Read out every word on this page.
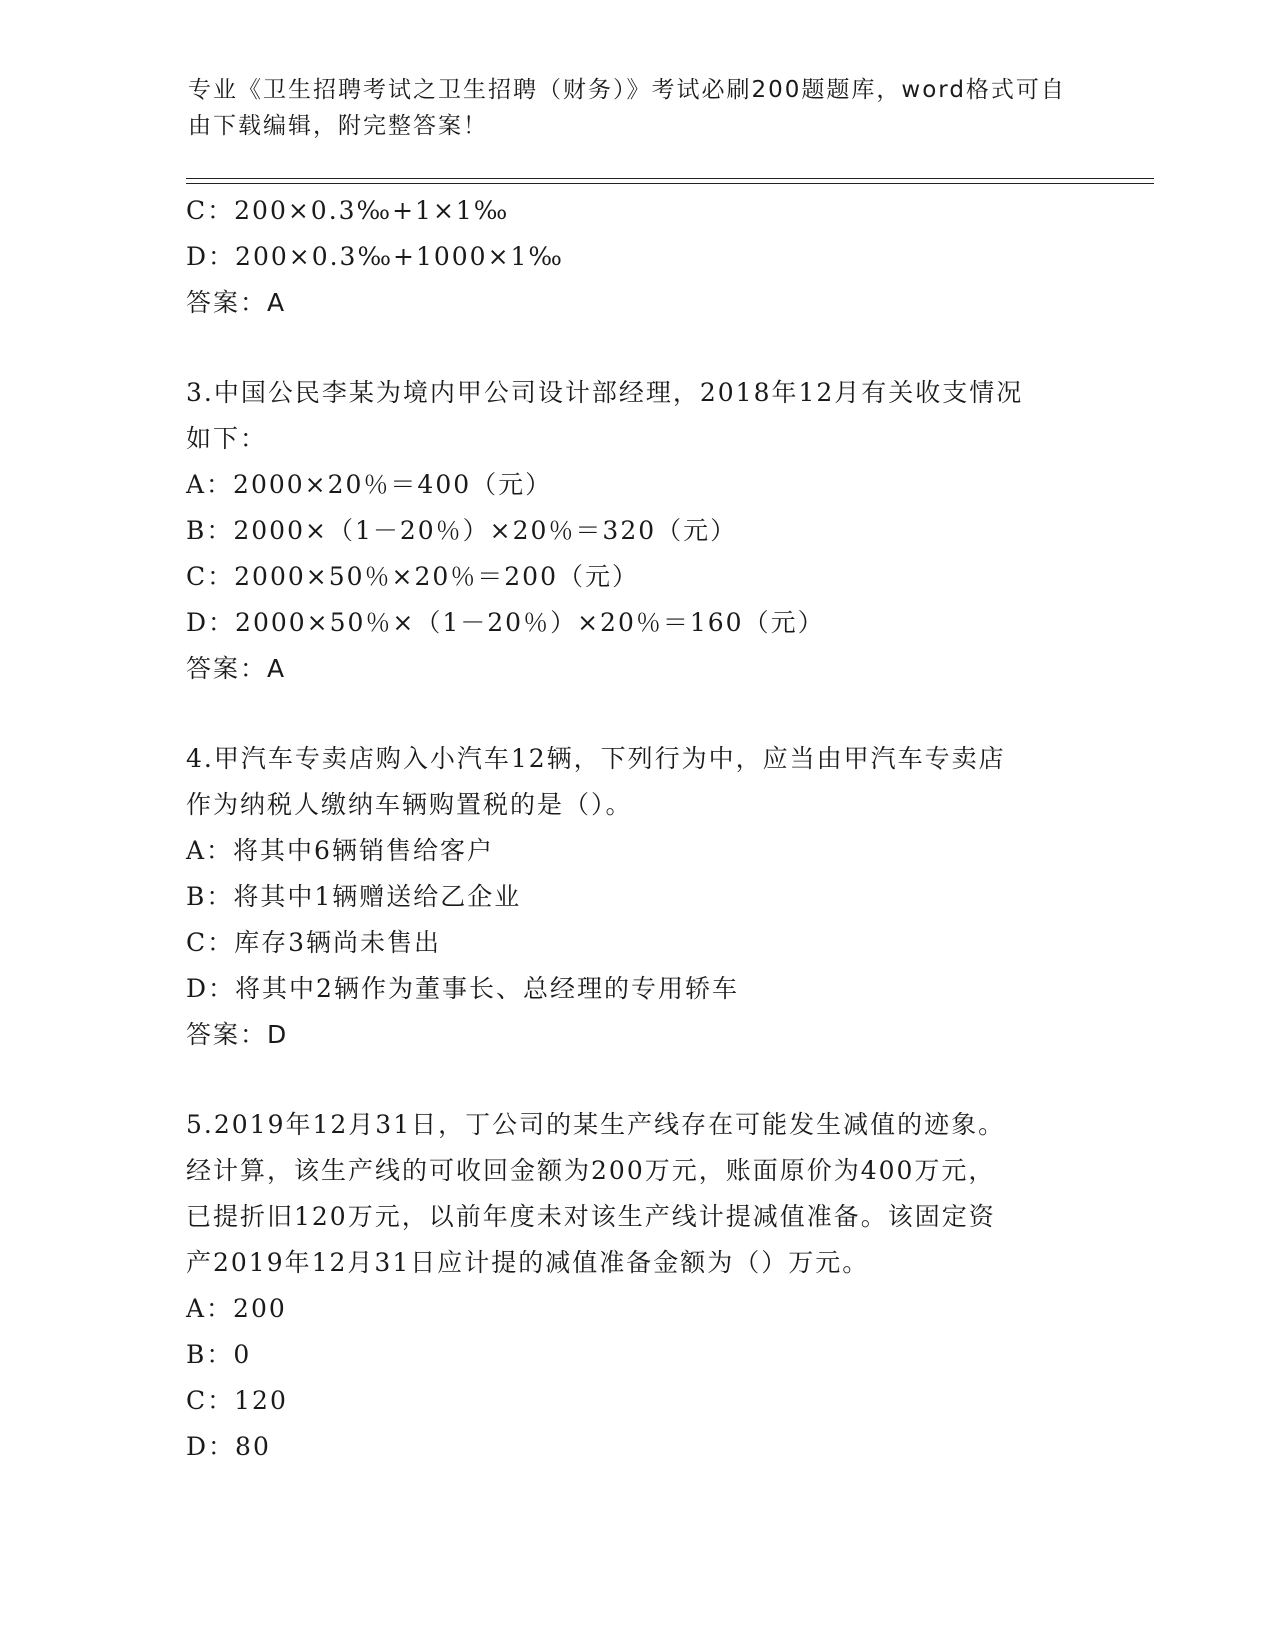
专业《卫生招聘考试之卫生招聘（财务）》考试必刷200题题库，word格式可自
由下载编辑，附完整答案！
C：200×0.3‰+1×1‰
D：200×0.3‰+1000×1‰
答案：A
3.中国公民李某为境内甲公司设计部经理，2018年12月有关收支情况
如下：
A：2000×20％＝400（元）
B：2000×（1－20％）×20％＝320（元）
C：2000×50％×20％＝200（元）
D：2000×50％×（1－20％）×20％＝160（元）
答案：A
4.甲汽车专卖店购入小汽车12辆，下列行为中，应当由甲汽车专卖店
作为纳税人缴纳车辆购置税的是（）。
A：将其中6辆销售给客户
B：将其中1辆赠送给乙企业
C：库存3辆尚未售出
D：将其中2辆作为董事长、总经理的专用轿车
答案：D
5.2019年12月31日，丁公司的某生产线存在可能发生减值的迹象。
经计算，该生产线的可收回金额为200万元，账面原价为400万元，
已提折旧120万元，以前年度未对该生产线计提减值准备。该固定资
产2019年12月31日应计提的减值准备金额为（）万元。
A：200
B：0
C：120
D：80
